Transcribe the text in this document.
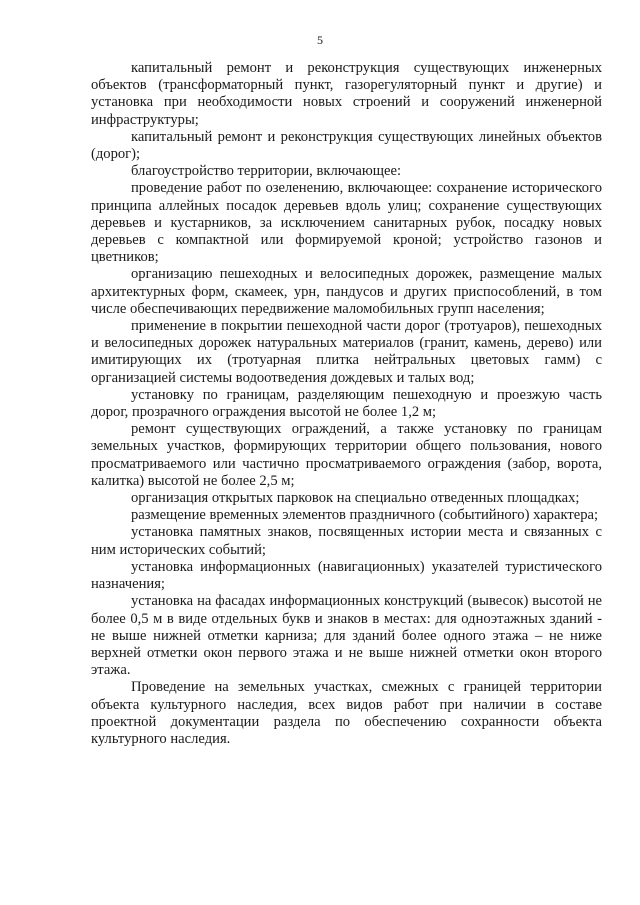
5

капитальный ремонт и реконструкция существующих инженерных объектов (трансформаторный пункт, газорегуляторный пункт и другие) и установка при необходимости новых строений и сооружений инженерной инфраструктуры;

капитальный ремонт и реконструкция существующих линейных объектов (дорог);

благоустройство территории, включающее:

проведение работ по озеленению, включающее: сохранение исторического принципа аллейных посадок деревьев вдоль улиц; сохранение существующих деревьев и кустарников, за исключением санитарных рубок, посадку новых деревьев с компактной или формируемой кроной; устройство газонов и цветников;

организацию пешеходных и велосипедных дорожек, размещение малых архитектурных форм, скамеек, урн, пандусов и других приспособлений, в том числе обеспечивающих передвижение маломобильных групп населения;

применение в покрытии пешеходной части дорог (тротуаров), пешеходных и велосипедных дорожек натуральных материалов (гранит, камень, дерево) или имитирующих их (тротуарная плитка нейтральных цветовых гамм) с организацией системы водоотведения дождевых и талых вод;

установку по границам, разделяющим пешеходную и проезжую часть дорог, прозрачного ограждения высотой не более 1,2 м;

ремонт существующих ограждений, а также установку по границам земельных участков, формирующих территории общего пользования, нового просматриваемого или частично просматриваемого ограждения (забор, ворота, калитка) высотой не более 2,5 м;

организация открытых парковок на специально отведенных площадках;

размещение временных элементов праздничного (событийного) характера;

установка памятных знаков, посвященных истории места и связанных с ним исторических событий;

установка информационных (навигационных) указателей туристического назначения;

установка на фасадах информационных конструкций (вывесок) высотой не более 0,5 м в виде отдельных букв и знаков в местах: для одноэтажных зданий - не выше нижней отметки карниза; для зданий более одного этажа – не ниже верхней отметки окон первого этажа и не выше нижней отметки окон второго этажа.

Проведение на земельных участках, смежных с границей территории объекта культурного наследия, всех видов работ при наличии в составе проектной документации раздела по обеспечению сохранности объекта культурного наследия.
